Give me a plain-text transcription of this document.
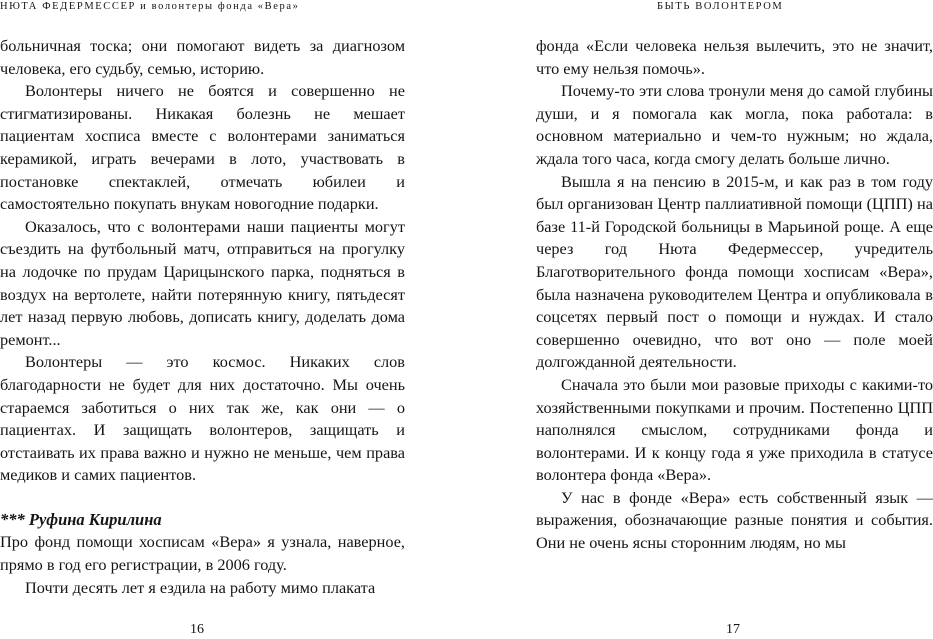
НЮТА ФЕДЕРМЕССЕР и волонтеры фонда «Вера»

больничная тоска; они помогают видеть за диагнозом человека, его судьбу, семью, историю.

Волонтеры ничего не боятся и совершенно не стигматизированы. Никакая болезнь не мешает пациентам хосписа вместе с волонтерами заниматься керамикой, играть вечерами в лото, участвовать в постановке спектаклей, отмечать юбилеи и самостоятельно покупать внукам новогодние подарки.

Оказалось, что с волонтерами наши пациенты могут съездить на футбольный матч, отправиться на прогулку на лодочке по прудам Царицынского парка, подняться в воздух на вертолете, найти потерянную книгу, пятьдесят лет назад первую любовь, дописать книгу, доделать дома ремонт...

Волонтеры — это космос. Никаких слов благодарности не будет для них достаточно. Мы очень стараемся заботиться о них так же, как они — о пациентах. И защищать волонтеров, защищать и отстаивать их права важно и нужно не меньше, чем права медиков и самих пациентов.

*** Руфина Кирилина

Про фонд помощи хосписам «Вера» я узнала, наверное, прямо в год его регистрации, в 2006 году.

Почти десять лет я ездила на работу мимо плаката

16
БЫТЬ ВОЛОНТЕРОМ

фонда «Если человека нельзя вылечить, это не значит, что ему нельзя помочь».

Почему-то эти слова тронули меня до самой глубины души, и я помогала как могла, пока работала: в основном материально и чем-то нужным; но ждала, ждала того часа, когда смогу делать больше лично.

Вышла я на пенсию в 2015-м, и как раз в том году был организован Центр паллиативной помощи (ЦПП) на базе 11-й Городской больницы в Марьиной роще. А еще через год Нюта Федермессер, учредитель Благотворительного фонда помощи хосписам «Вера», была назначена руководителем Центра и опубликовала в соцсетях первый пост о помощи и нуждах. И стало совершенно очевидно, что вот оно — поле моей долгожданной деятельности.

Сначала это были мои разовые приходы с какими-то хозяйственными покупками и прочим. Постепенно ЦПП наполнялся смыслом, сотрудниками фонда и волонтерами. И к концу года я уже приходила в статусе волонтера фонда «Вера».

У нас в фонде «Вера» есть собственный язык — выражения, обозначающие разные понятия и события. Они не очень ясны сторонним людям, но мы

17
